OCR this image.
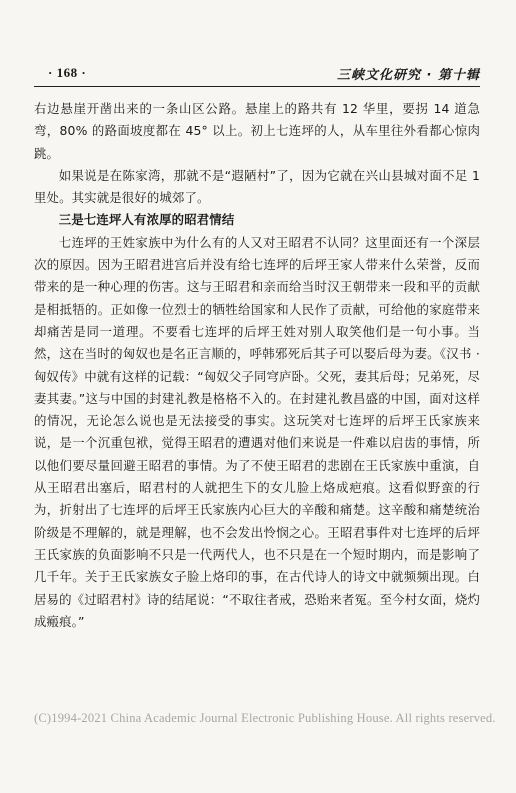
· 168 ·	三峡文化研究 · 第十辑

右边悬崖开凿出来的一条山区公路。悬崖上的路共有 12 华里，要拐 14 道急弯，80% 的路面坡度都在 45° 以上。初上七连坪的人，从车里往外看都心惊肉跳。

如果说是在陈家湾，那就不是“遐陋村”了，因为它就在兴山县城对面不足 1 里处。其实就是很好的城郊了。

三是七连坪人有浓厚的昭君情结

七连坪的王姓家族中为什么有的人又对王昭君不认同？这里面还有一个深层次的原因。因为王昭君进宫后并没有给七连坪的后坪王家人带来什么荣誉，反而带来的是一种心理的伤害。这与王昭君和亲而给当时汉王朝带来一段和平的贡献是相抵牾的。正如像一位烈士的牺牲给国家和人民作了贡献，可给他的家庭带来却痛苦是同一道理。不要看七连坪的后坪王姓对别人取笑他们是一句小事。当然，这在当时的匈奴也是名正言顺的，呼韩邪死后其子可以娶后母为妻。《汉书 · 匈奴传》中就有这样的记载：“匈奴父子同穹庐卧。父死，妻其后母；兄弟死，尽妻其妻。”这与中国的封建礼教是格格不入的。在封建礼教昌盛的中国，面对这样的情况，无论怎么说也是无法接受的事实。这玩笑对七连坪的后坪王氏家族来说，是一个沉重包袱，觉得王昭君的遭遇对他们来说是一件难以启齿的事情，所以他们要尽量回避王昭君的事情。为了不使王昭君的悲剧在王氏家族中重演，自从王昭君出塞后，昭君村的人就把生下的女儿脸上烙成疤痕。这看似野蛮的行为，折射出了七连坪的后坪王氏家族内心巨大的辛酸和痛楚。这辛酸和痛楚统治阶级是不理解的，就是理解，也不会发出怜悯之心。王昭君事件对七连坪的后坪王氏家族的负面影响不只是一代两代人，也不只是在一个短时期内，而是影响了几千年。关于王氏家族女子脸上烙印的事，在古代诗人的诗文中就频频出现。白居易的《过昭君村》诗的结尾说：“不取往者戒，恐贻来者冤。至今村女面，烧灼成瘢痕。”

(C)1994-2021 China Academic Journal Electronic Publishing House. All rights reserved.
